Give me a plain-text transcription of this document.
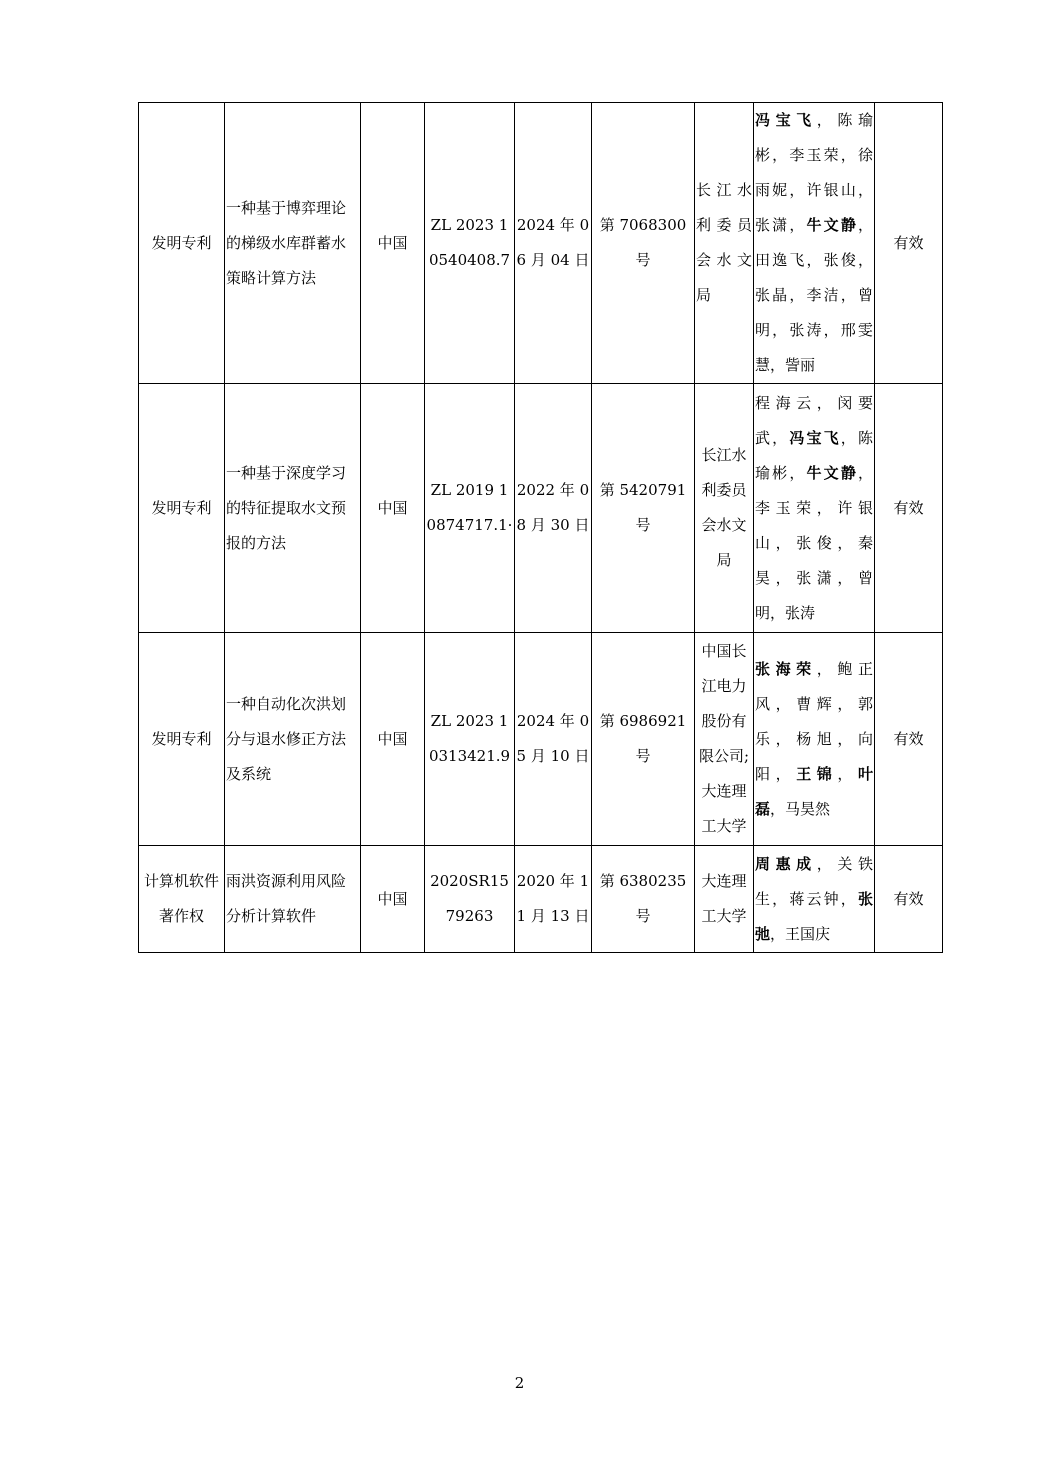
发明专利	一种基于博弈理论的梯级水库群蓄水策略计算方法	中国	ZL 2023 1 0540408.7	2024 年 06 月 04 日	第 7068300 号	长 江 水 利 委 员 会 水 文 局	冯宝飞，陈瑜彬，李玉荣，徐雨妮，许银山，张潇，牛文静，田逸飞，张俊，张晶，李洁，曾明，张涛，邢雯慧，訾丽	有效
发明专利	一种基于深度学习的特征提取水文预报的方法	中国	ZL 2019 1 0874717.1·	2022 年 08 月 30 日	第 5420791 号	长江水利委员会水文局	程海云，闵要武，冯宝飞，陈瑜彬，牛文静，李玉荣，许银山，张俊，秦昊，张潇，曾明，张涛	有效
发明专利	一种自动化次洪划分与退水修正方法及系统	中国	ZL 2023 1 0313421.9	2024 年 05 月 10 日	第 6986921 号	中国长江电力股份有限公司;大连理工大学	张海荣，鲍正风，曹辉，郭乐，杨旭，向阳，王锦，叶磊，马昊然	有效
计算机软件著作权	雨洪资源利用风险分析计算软件	中国	2020SR1579263	2020 年 11 月 13 日	第 6380235 号	大连理工大学	周惠成，关铁生，蒋云钟，张弛，王国庆	有效
2
